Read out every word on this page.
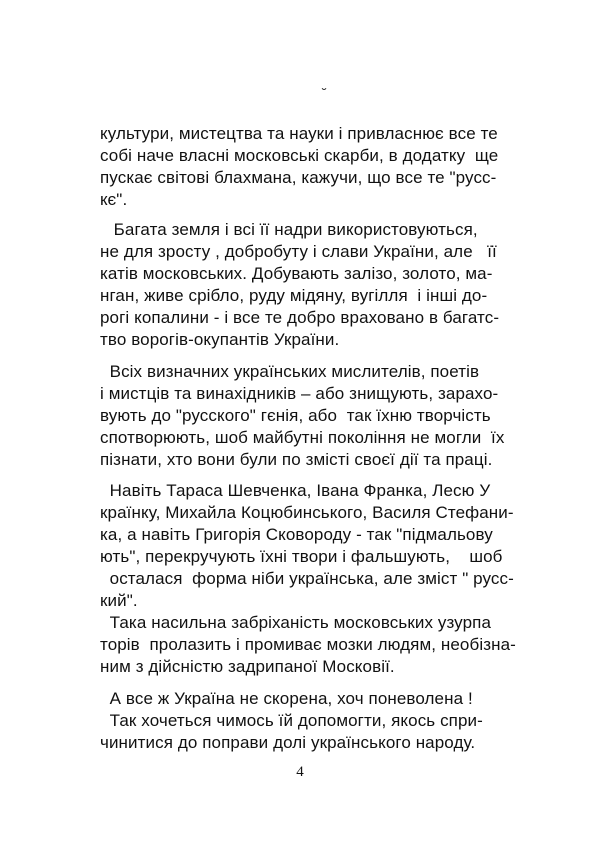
˘
культури, мистецтва та науки і привласнює все те
собі наче власні московські скарби, в додатку  ще
пускає світові блахмана, кажучи, що все те "русс-
кє".
Багата земля і всі її надри використовуються,
не для зросту , добробуту і слави України, але   її
катів московських. Добувають залізо, золото, ма-
нган, живе срібло, руду мідяну, вугілля  і інші до-
рогі копалини - і все те добро враховано в багатс-
тво ворогів-окупантів України.
Всіх визначних українських мислителів, поетів
і мистців та винахідників – або знищують, зарахо-
вують до "русского" гєнія, або  так їхню творчість
спотворюють, шоб майбутні покоління не могли  їх
пізнати, хто вони були по змісті своєї дії та праці.
Навіть Тараса Шевченка, Івана Франка, Лесю У
країнку, Михайла Коцюбинського, Василя Стефани-
ка, а навіть Григорія Сковороду - так "підмальову
ють", перекручують їхні твори і фальшують,    шоб
осталася  форма ніби українська, але зміст " русс-
кий".
Така насильна забріханість московських узурпа
торів  пролазить і промиває мозки людям, необізна-
ним з дійсністю задрипаної Московії.
А все ж Україна не скорена, хоч поневолена !
Так хочеться чимось їй допомогти, якось спри-
чинитися до поправи долі українського народу.
4
